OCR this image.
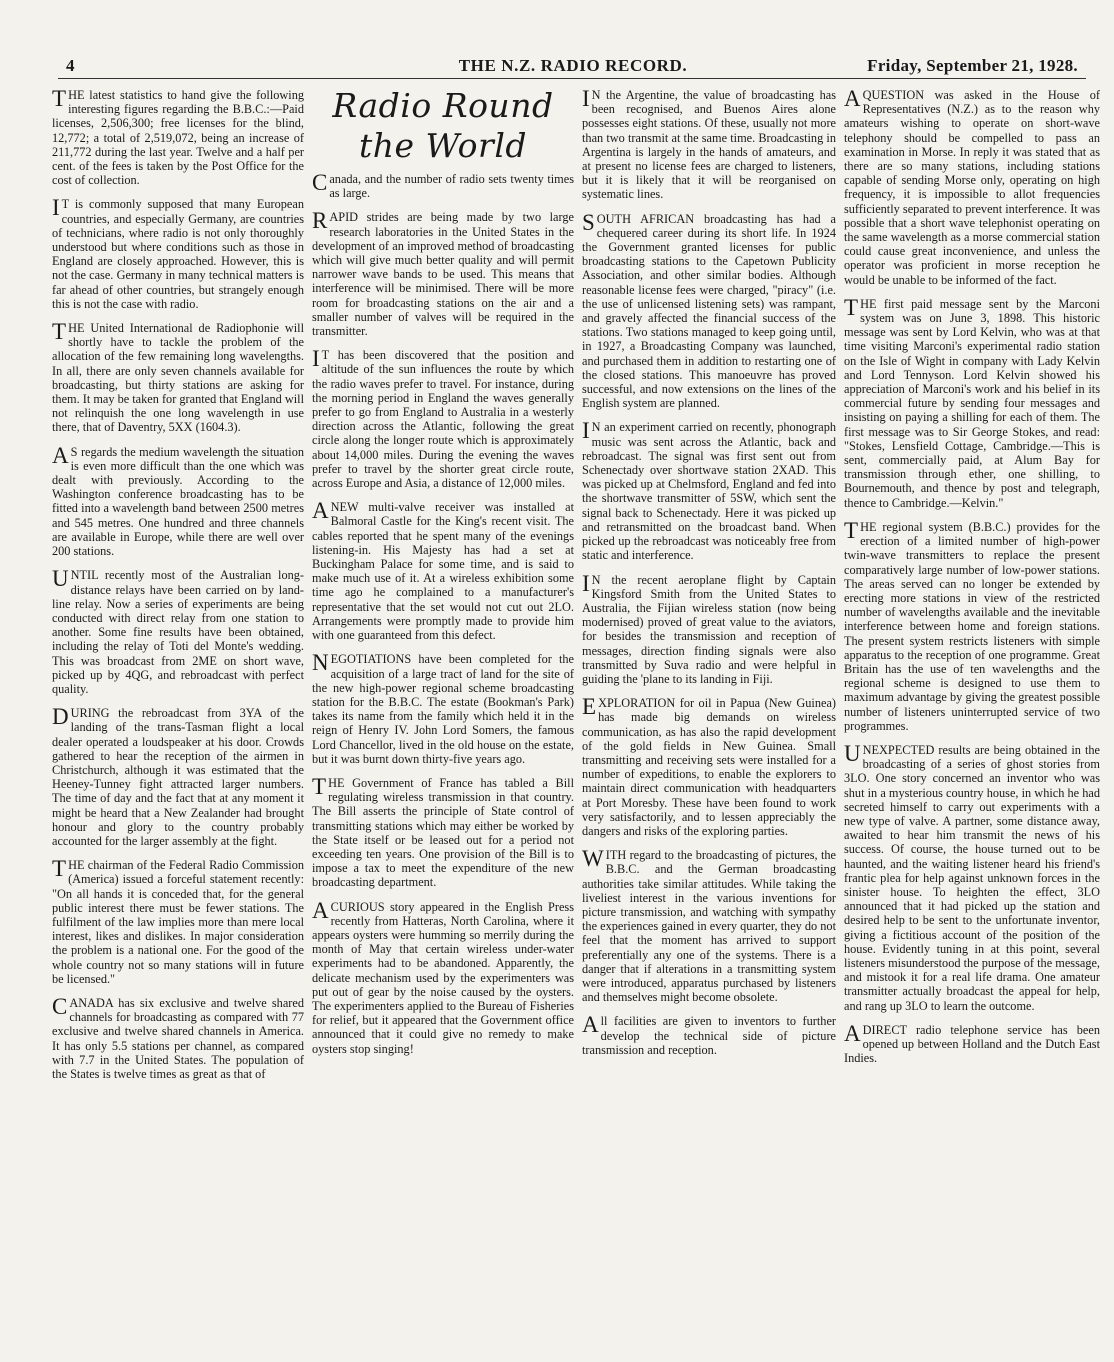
4	THE N.Z. RADIO RECORD.	Friday, September 21, 1928.
Radio Round the World

THE latest statistics to hand give the following interesting figures regarding the B.B.C.:—Paid licenses, 2,506,300; free licenses for the blind, 12,772; a total of 2,519,072, being an increase of 211,772 during the last year. Twelve and a half per cent. of the fees is taken by the Post Office for the cost of collection.

IT is commonly supposed that many European countries, and especially Germany, are countries of technicians, where radio is not only thoroughly understood but where conditions such as those in England are closely approached. However, this is not the case. Germany in many technical matters is far ahead of other countries, but strangely enough this is not the case with radio.

THE United International de Radiophonie will shortly have to tackle the problem of the allocation of the few remaining long wavelengths. In all, there are only seven channels available for broadcasting, but thirty stations are asking for them. It may be taken for granted that England will not relinquish the one long wavelength in use there, that of Daventry, 5XX (1604.3).

AS regards the medium wavelength the situation is even more difficult than the one which was dealt with previously. According to the Washington conference broadcasting has to be fitted into a wavelength band between 2500 metres and 545 metres. One hundred and three channels are available in Europe, while there are well over 200 stations.

UNTIL recently most of the Australian long-distance relays have been carried on by land-line relay. Now a series of experiments are being conducted with direct relay from one station to another. Some fine results have been obtained, including the relay of Toti del Monte's wedding. This was broadcast from 2ME on short wave, picked up by 4QG, and rebroadcast with perfect quality.

DURING the rebroadcast from 3YA of the landing of the trans-Tasman flight a local dealer operated a loudspeaker at his door. Crowds gathered to hear the reception of the airmen in Christchurch, although it was estimated that the Heeney-Tunney fight attracted larger numbers. The time of day and the fact that at any moment it might be heard that a New Zealander had brought honour and glory to the country probably accounted for the larger assembly at the fight.

THE chairman of the Federal Radio Commission (America) issued a forceful statement recently: "On all hands it is conceded that, for the general public interest there must be fewer stations. The fulfilment of the law implies more than mere local interest, likes and dislikes. In major consideration the problem is a national one. For the good of the whole country not so many stations will in future be licensed."

CANADA has six exclusive and twelve shared channels for broadcasting as compared with 77 exclusive and twelve shared channels in America. It has only 5.5 stations per channel, as compared with 7.7 in the United States. The population of the States is twelve times as great as that of

Canada, and the number of radio sets twenty times as large.

RAPID strides are being made by two large research laboratories in the United States in the development of an improved method of broadcasting which will give much better quality and will permit narrower wave bands to be used. This means that interference will be minimised. There will be more room for broadcasting stations on the air and a smaller number of valves will be required in the transmitter.

IT has been discovered that the position and altitude of the sun influences the route by which the radio waves prefer to travel. For instance, during the morning period in England the waves generally prefer to go from England to Australia in a westerly direction across the Atlantic, following the great circle along the longer route which is approximately about 14,000 miles. During the evening the waves prefer to travel by the shorter great circle route, across Europe and Asia, a distance of 12,000 miles.

ANEW multi-valve receiver was installed at Balmoral Castle for the King's recent visit. The cables reported that he spent many of the evenings listening-in. His Majesty has had a set at Buckingham Palace for some time, and is said to make much use of it. At a wireless exhibition some time ago he complained to a manufacturer's representative that the set would not cut out 2LO. Arrangements were promptly made to provide him with one guaranteed from this defect.

NEGOTIATIONS have been completed for the acquisition of a large tract of land for the site of the new high-power regional scheme broadcasting station for the B.B.C. The estate (Bookman's Park) takes its name from the family which held it in the reign of Henry IV. John Lord Somers, the famous Lord Chancellor, lived in the old house on the estate, but it was burnt down thirty-five years ago.

THE Government of France has tabled a Bill regulating wireless transmission in that country. The Bill asserts the principle of State control of transmitting stations which may either be worked by the State itself or be leased out for a period not exceeding ten years. One provision of the Bill is to impose a tax to meet the expenditure of the new broadcasting department.

ACURIOUS story appeared in the English Press recently from Hatteras, North Carolina, where it appears oysters were humming so merrily during the month of May that certain wireless under-water experiments had to be abandoned. Apparently, the delicate mechanism used by the experimenters was put out of gear by the noise caused by the oysters. The experimenters applied to the Bureau of Fisheries for relief, but it appeared that the Government office announced that it could give no remedy to make oysters stop singing!

IN the Argentine, the value of broadcasting has been recognised, and Buenos Aires alone possesses eight stations. Of these, usually not more than two transmit at the same time. Broadcasting in Argentina is largely in the hands of amateurs, and at present no license fees are charged to listeners, but it is likely that it will be reorganised on systematic lines.

SOUTH AFRICAN broadcasting has had a chequered career during its short life. In 1924 the Government granted licenses for public broadcasting stations to the Capetown Publicity Association, and other similar bodies. Although reasonable license fees were charged, "piracy" (i.e. the use of unlicensed listening sets) was rampant, and gravely affected the financial success of the stations. Two stations managed to keep going until, in 1927, a Broadcasting Company was launched, and purchased them in addition to restarting one of the closed stations. This manoeuvre has proved successful, and now extensions on the lines of the English system are planned.

IN an experiment carried on recently, phonograph music was sent across the Atlantic, back and rebroadcast. The signal was first sent out from Schenectady over shortwave station 2XAD. This was picked up at Chelmsford, England and fed into the shortwave transmitter of 5SW, which sent the signal back to Schenectady. Here it was picked up and retransmitted on the broadcast band. When picked up the rebroadcast was noticeably free from static and interference.

IN the recent aeroplane flight by Captain Kingsford Smith from the United States to Australia, the Fijian wireless station (now being modernised) proved of great value to the aviators, for besides the transmission and reception of messages, direction finding signals were also transmitted by Suva radio and were helpful in guiding the 'plane to its landing in Fiji.

EXPLORATION for oil in Papua (New Guinea) has made big demands on wireless communication, as has also the rapid development of the gold fields in New Guinea. Small transmitting and receiving sets were installed for a number of expeditions, to enable the explorers to maintain direct communication with headquarters at Port Moresby. These have been found to work very satisfactorily, and to lessen appreciably the dangers and risks of the exploring parties.

WITH regard to the broadcasting of pictures, the B.B.C. and the German broadcasting authorities take similar attitudes. While taking the liveliest interest in the various inventions for picture transmission, and watching with sympathy the experiences gained in every quarter, they do not feel that the moment has arrived to support preferentially any one of the systems. There is a danger that if alterations in a transmitting system were introduced, apparatus purchased by listeners and themselves might become obsolete.

All facilities are given to inventors to further develop the technical side of picture transmission and reception.

AQUESTION was asked in the House of Representatives (N.Z.) as to the reason why amateurs wishing to operate on short-wave telephony should be compelled to pass an examination in Morse. In reply it was stated that as there are so many stations, including stations capable of sending Morse only, operating on high frequency, it is impossible to allot frequencies sufficiently separated to prevent interference. It was possible that a short wave telephonist operating on the same wavelength as a morse commercial station could cause great inconvenience, and unless the operator was proficient in morse reception he would be unable to be informed of the fact.

THE first paid message sent by the Marconi system was on June 3, 1898. This historic message was sent by Lord Kelvin, who was at that time visiting Marconi's experimental radio station on the Isle of Wight in company with Lady Kelvin and Lord Tennyson. Lord Kelvin showed his appreciation of Marconi's work and his belief in its commercial future by sending four messages and insisting on paying a shilling for each of them. The first message was to Sir George Stokes, and read: "Stokes, Lensfield Cottage, Cambridge.—This is sent, commercially paid, at Alum Bay for transmission through ether, one shilling, to Bournemouth, and thence by post and telegraph, thence to Cambridge.—Kelvin."

THE regional system (B.B.C.) provides for the erection of a limited number of high-power twin-wave transmitters to replace the present comparatively large number of low-power stations. The areas served can no longer be extended by erecting more stations in view of the restricted number of wavelengths available and the inevitable interference between home and foreign stations. The present system restricts listeners with simple apparatus to the reception of one programme. Great Britain has the use of ten wavelengths and the regional scheme is designed to use them to maximum advantage by giving the greatest possible number of listeners uninterrupted service of two programmes.

UNEXPECTED results are being obtained in the broadcasting of a series of ghost stories from 3LO. One story concerned an inventor who was shut in a mysterious country house, in which he had secreted himself to carry out experiments with a new type of valve. A partner, some distance away, awaited to hear him transmit the news of his success. Of course, the house turned out to be haunted, and the waiting listener heard his friend's frantic plea for help against unknown forces in the sinister house. To heighten the effect, 3LO announced that it had picked up the station and desired help to be sent to the unfortunate inventor, giving a fictitious account of the position of the house. Evidently tuning in at this point, several listeners misunderstood the purpose of the message, and mistook it for a real life drama. One amateur transmitter actually broadcast the appeal for help, and rang up 3LO to learn the outcome.

ADIRECT radio telephone service has been opened up between Holland and the Dutch East Indies.
